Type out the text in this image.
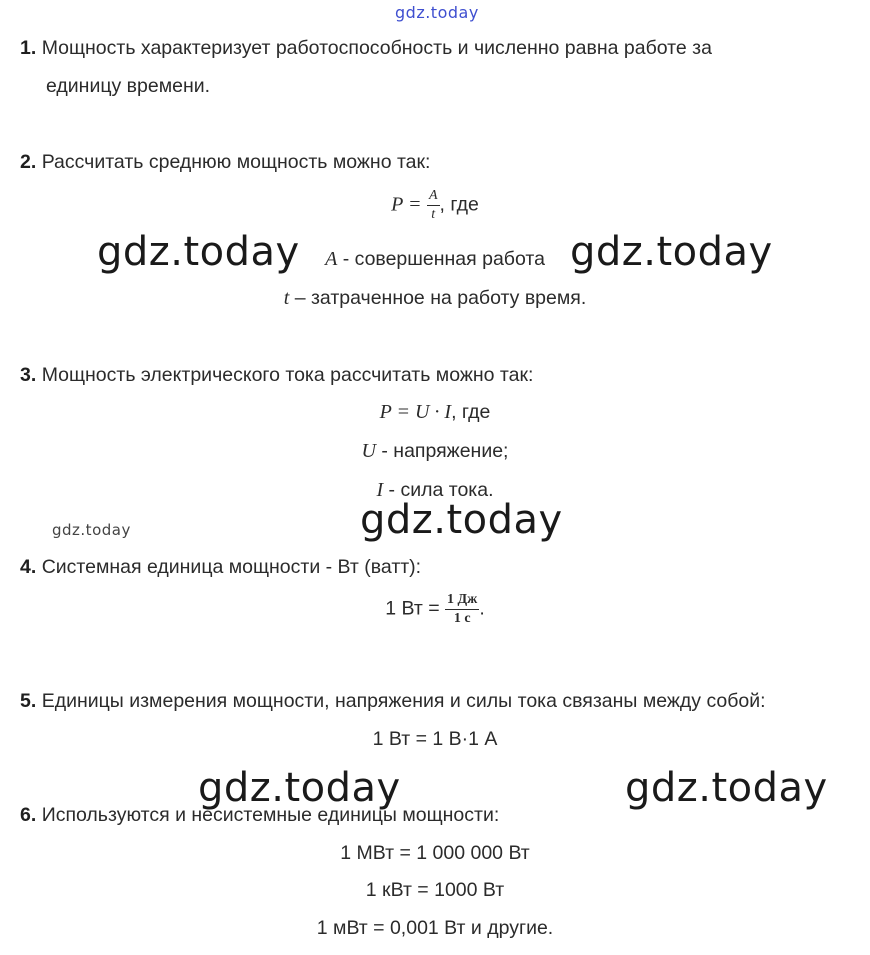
gdz.today
1. Мощность характеризует работоспособность и численно равна работе за
единицу времени.
2. Рассчитать среднюю мощность можно так:
$P = \frac{A}{t}$ , где
A - совершенная работа
t – затраченное на работу время.
3. Мощность электрического тока рассчитать можно так:
P = U · I, где
U - напряжение;
I - сила тока.
4. Системная единица мощности - Вт (ватт):
1 Вт = $\frac{1 Дж}{1 с}$ .
5. Единицы измерения мощности, напряжения и силы тока связаны между собой:
1 Вт = 1 В·1 А
6. Используются и несистемные единицы мощности:
1 МВт = 1 000 000 Вт
1 кВт = 1000 Вт
1 мВт = 0,001 Вт и другие.
gdz.today	gdz.today
gdz.today	gdz.today
gdz.today	gdz.today
